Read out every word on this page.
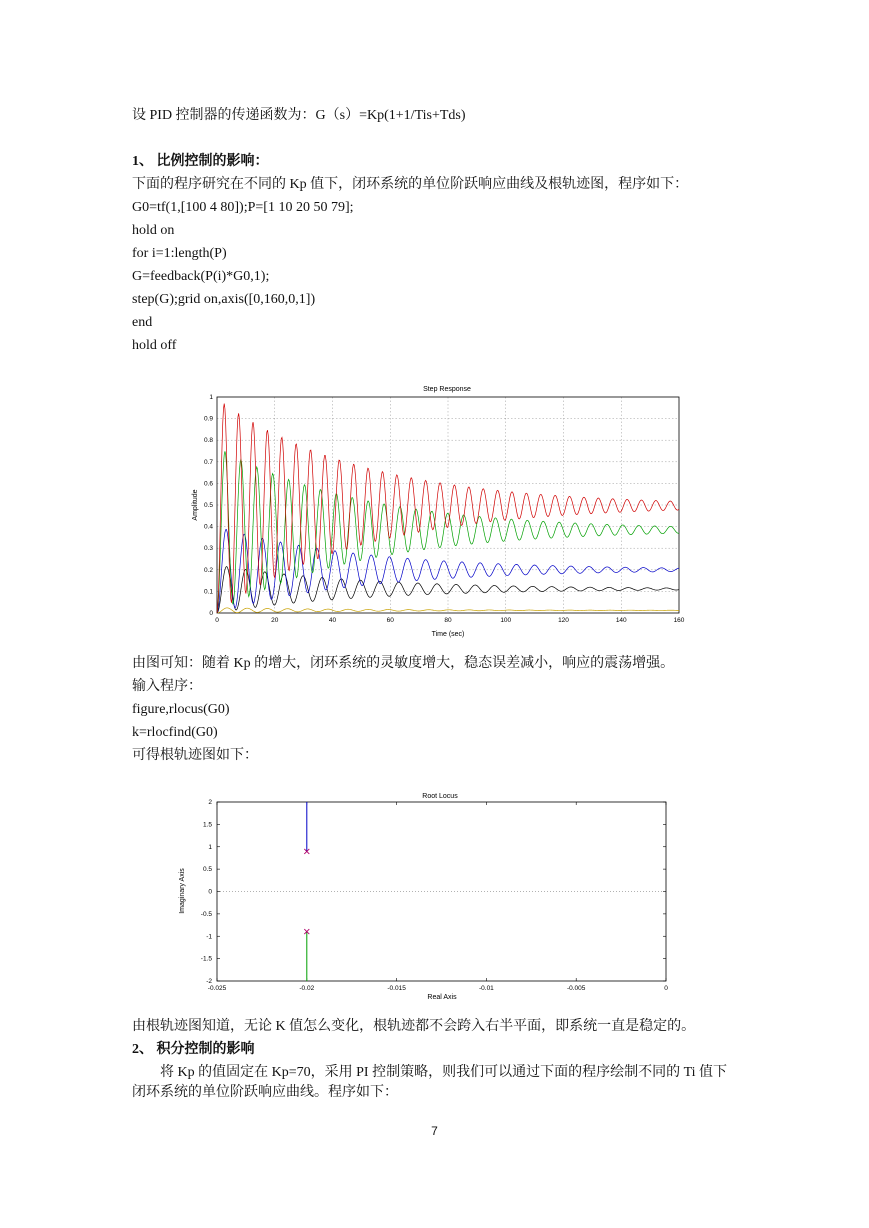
设 PID 控制器的传递函数为：G（s）=Kp(1+1/Tis+Tds)
1、 比例控制的影响：
下面的程序研究在不同的 Kp 值下，闭环系统的单位阶跃响应曲线及根轨迹图，程序如下：
G0=tf(1,[100 4 80]);P=[1 10 20 50 79];
hold on
for i=1:length(P)
G=feedback(P(i)*G0,1);
step(G);grid on,axis([0,160,0,1])
end
hold off
Step Response
0	20	40	60	80	100	120	140	160
0
0.1
0.2
0.3
0.4
0.5
0.6
0.7
0.8
0.9
1
Time (sec)
Amplitude
由图可知：随着 Kp 的增大，闭环系统的灵敏度增大，稳态误差减小，响应的震荡增强。
输入程序：
figure,rlocus(G0)
k=rlocfind(G0)
可得根轨迹图如下：
Root Locus
-0.025	-0.02	-0.015	-0.01	-0.005	0
-2
-1.5
-1
-0.5
0
0.5
1
1.5
2
Real Axis
Imaginary Axis
由根轨迹图知道，无论 K 值怎么变化，根轨迹都不会跨入右半平面，即系统一直是稳定的。
2、 积分控制的影响
将 Kp 的值固定在 Kp=70，采用 PI 控制策略，则我们可以通过下面的程序绘制不同的 Ti 值下闭环系统的单位阶跃响应曲线。程序如下：
7
